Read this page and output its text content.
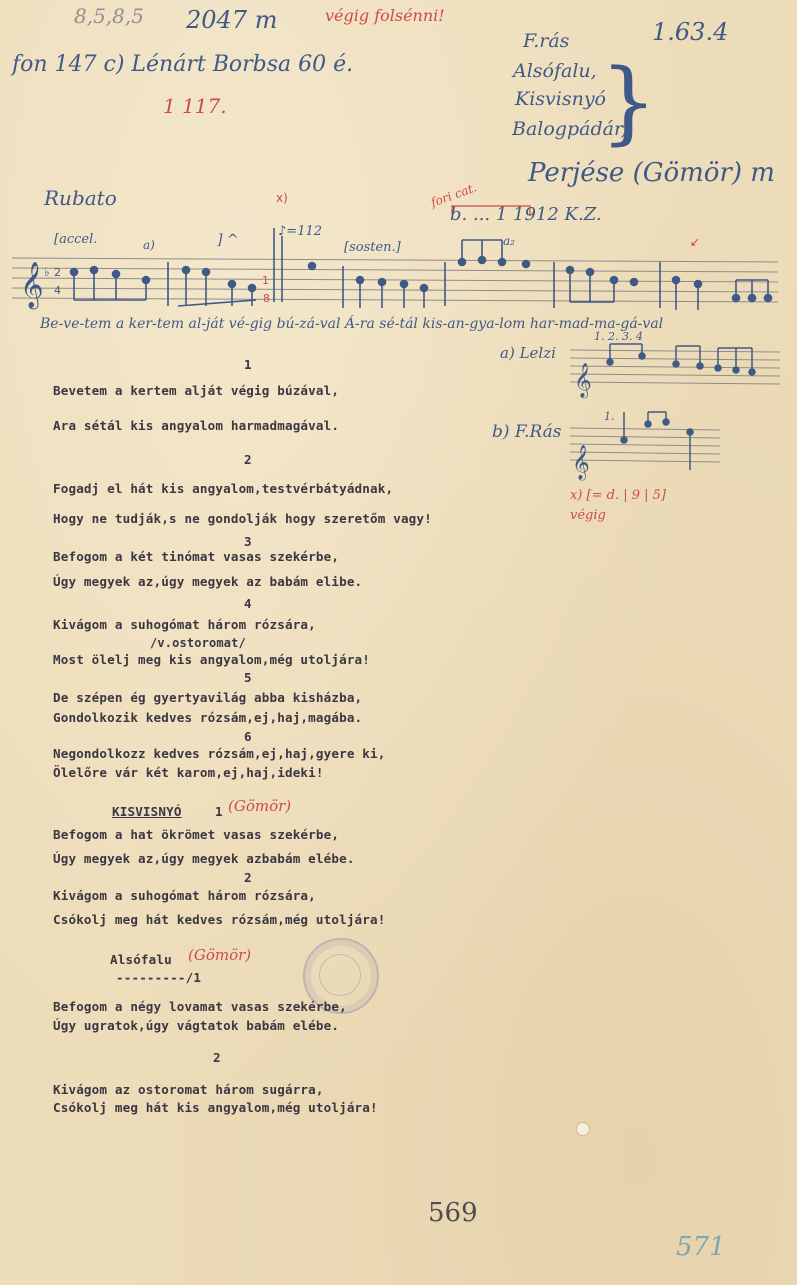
8,5,8,5 2047 m	végig folsénni!
1.63.4
fon 147 c) Lénárt Borbsa 60 é.
1 117.
F.rás
Alsófalu,
Kisvisnyó
Balogpádár,
}
Perjése (Gömör) m
b. ... 1 1912 K.Z.
fori cat.
Rubato
[accel.	a)	] ^
♪=112
[sosten.]	a₂
𝄞 ♭ 2
4
1
8
x)
↙
𝄞
1. 2. 3. 4
𝄞
1.
Be-ve-tem a ker-tem al-ját vé-gig bú-zá-val Á-ra sé-tál kis-an-gya-lom har-mad-ma-gá-val
a) Lelzi
b) F.Rás
x) [= d. | 9 | 5] végig
1
Bevetem a kertem alját végig búzával,
Ara sétál kis angyalom harmadmagával.
2
Fogadj el hát kis angyalom,testvérbátyádnak,
Hogy ne tudják,s ne gondolják hogy szeretőm vagy!
3
Befogom a két tinómat vasas szekérbe,
Úgy megyek az,úgy megyek az babám elibe.
4
Kivágom a suhogómat három rózsára,
/v.ostoromat/
Most ölelj meg kis angyalom,még utoljára!
5
De szépen ég gyertyavilág abba kisházba,
Gondolkozik kedves rózsám,ej,haj,magába.
6
Negondolkozz kedves rózsám,ej,haj,gyere ki,
Ölelőre vár két karom,ej,haj,ideki!
KISVISNYÓ	1 (Gömör)
Befogom a hat ökrömet vasas szekérbe,
Úgy megyek az,úgy megyek azbabám elébe.
2
Kivágom a suhogómat három rózsára,
Csókolj meg hát kedves rózsám,még utoljára!
Alsófalu (Gömör)
---------/1
Befogom a négy lovamat vasas szekérbe,
Úgy ugratok,úgy vágtatok babám elébe.
2
Kivágom az ostoromat három sugárra,
Csókolj meg hát kis angyalom,még utoljára!
569
571
